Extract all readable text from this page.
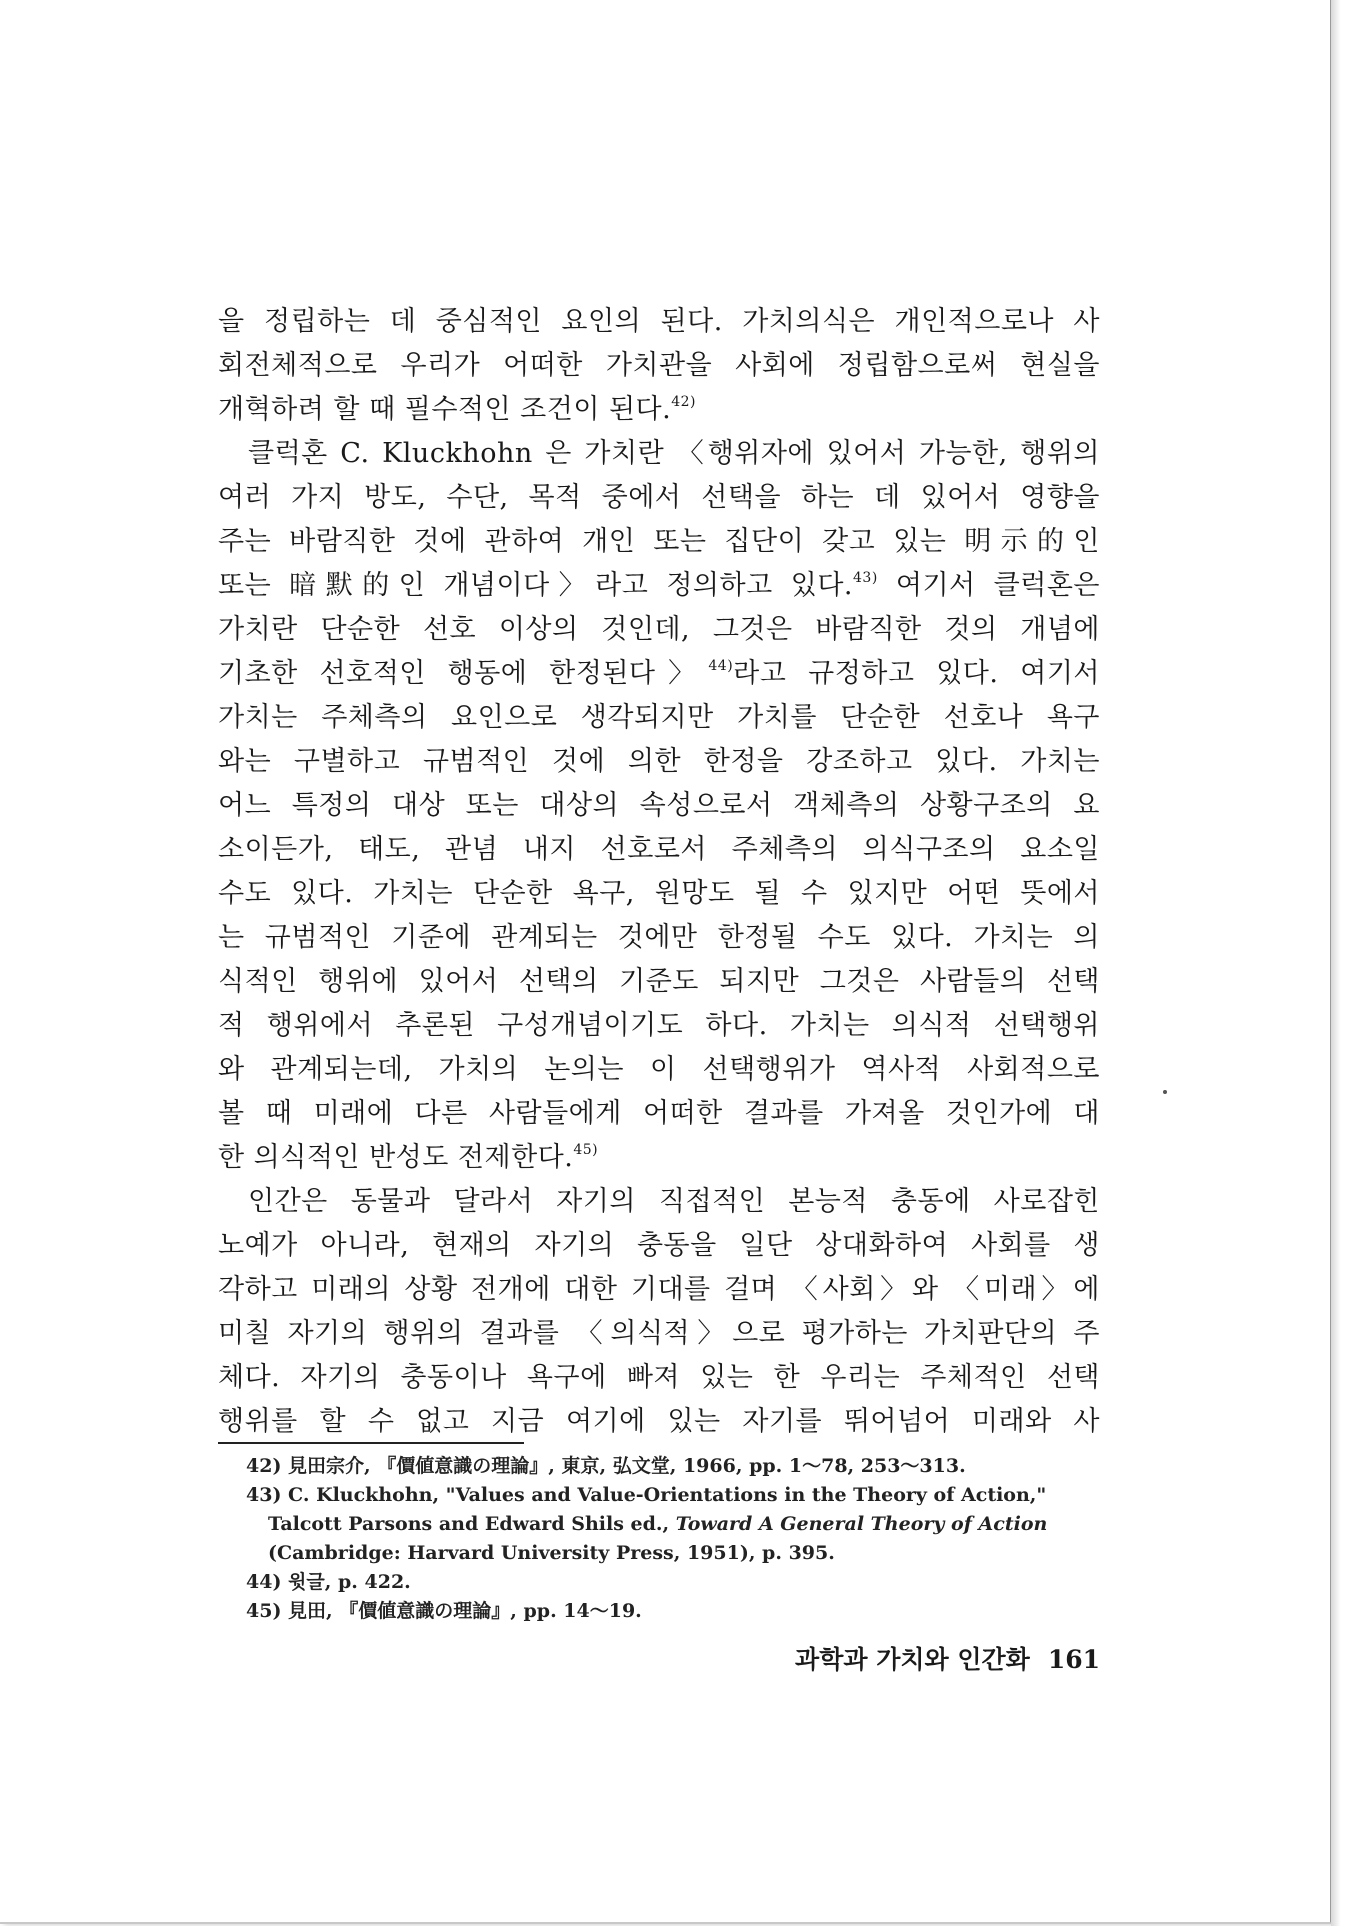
을 정립하는 데 중심적인 요인의 된다. 가치의식은 개인적으로나 사
회전체적으로 우리가 어떠한 가치관을 사회에 정립함으로써 현실을
개혁하려 할 때 필수적인 조건이 된다.$^{42)}$
클럭혼 C. Kluckhohn 은 가치란 〈행위자에 있어서 가능한, 행위의
여러 가지 방도, 수단, 목적 중에서 선택을 하는 데 있어서 영향을
주는 바람직한 것에 관하여 개인 또는 집단이 갖고 있는 明示的인
또는 暗默的인 개념이다〉라고 정의하고 있다.$^{43)}$ 여기서 클럭혼은
가치란 단순한 선호 이상의 것인데, 그것은 바람직한 것의 개념에
기초한 선호적인 행동에 한정된다〉$^{44)}$라고 규정하고 있다. 여기서
가치는 주체측의 요인으로 생각되지만 가치를 단순한 선호나 욕구
와는 구별하고 규범적인 것에 의한 한정을 강조하고 있다. 가치는
어느 특정의 대상 또는 대상의 속성으로서 객체측의 상황구조의 요
소이든가, 태도, 관념 내지 선호로서 주체측의 의식구조의 요소일
수도 있다. 가치는 단순한 욕구, 원망도 될 수 있지만 어떤 뜻에서
는 규범적인 기준에 관계되는 것에만 한정될 수도 있다. 가치는 의
식적인 행위에 있어서 선택의 기준도 되지만 그것은 사람들의 선택
적 행위에서 추론된 구성개념이기도 하다. 가치는 의식적 선택행위
와 관계되는데, 가치의 논의는 이 선택행위가 역사적 사회적으로
볼 때 미래에 다른 사람들에게 어떠한 결과를 가져올 것인가에 대
한 의식적인 반성도 전제한다.$^{45)}$
인간은 동물과 달라서 자기의 직접적인 본능적 충동에 사로잡힌
노예가 아니라, 현재의 자기의 충동을 일단 상대화하여 사회를 생
각하고 미래의 상황 전개에 대한 기대를 걸며 〈사회〉와 〈미래〉에
미칠 자기의 행위의 결과를 〈의식적〉으로 평가하는 가치판단의 주
체다. 자기의 충동이나 욕구에 빠져 있는 한 우리는 주체적인 선택
행위를 할 수 없고 지금 여기에 있는 자기를 뛰어넘어 미래와 사
42) 見田宗介, 『價値意識の理論』, 東京, 弘文堂, 1966, pp. 1〜78, 253〜313.
43) C. Kluckhohn, "Values and Value-Orientations in the Theory of Action,"
Talcott Parsons and Edward Shils ed., Toward A General Theory of Action
(Cambridge: Harvard University Press, 1951), p. 395.
44) 윗글, p. 422.
45) 見田, 『價値意識の理論』, pp. 14〜19.
과학과 가치와 인간화 161
